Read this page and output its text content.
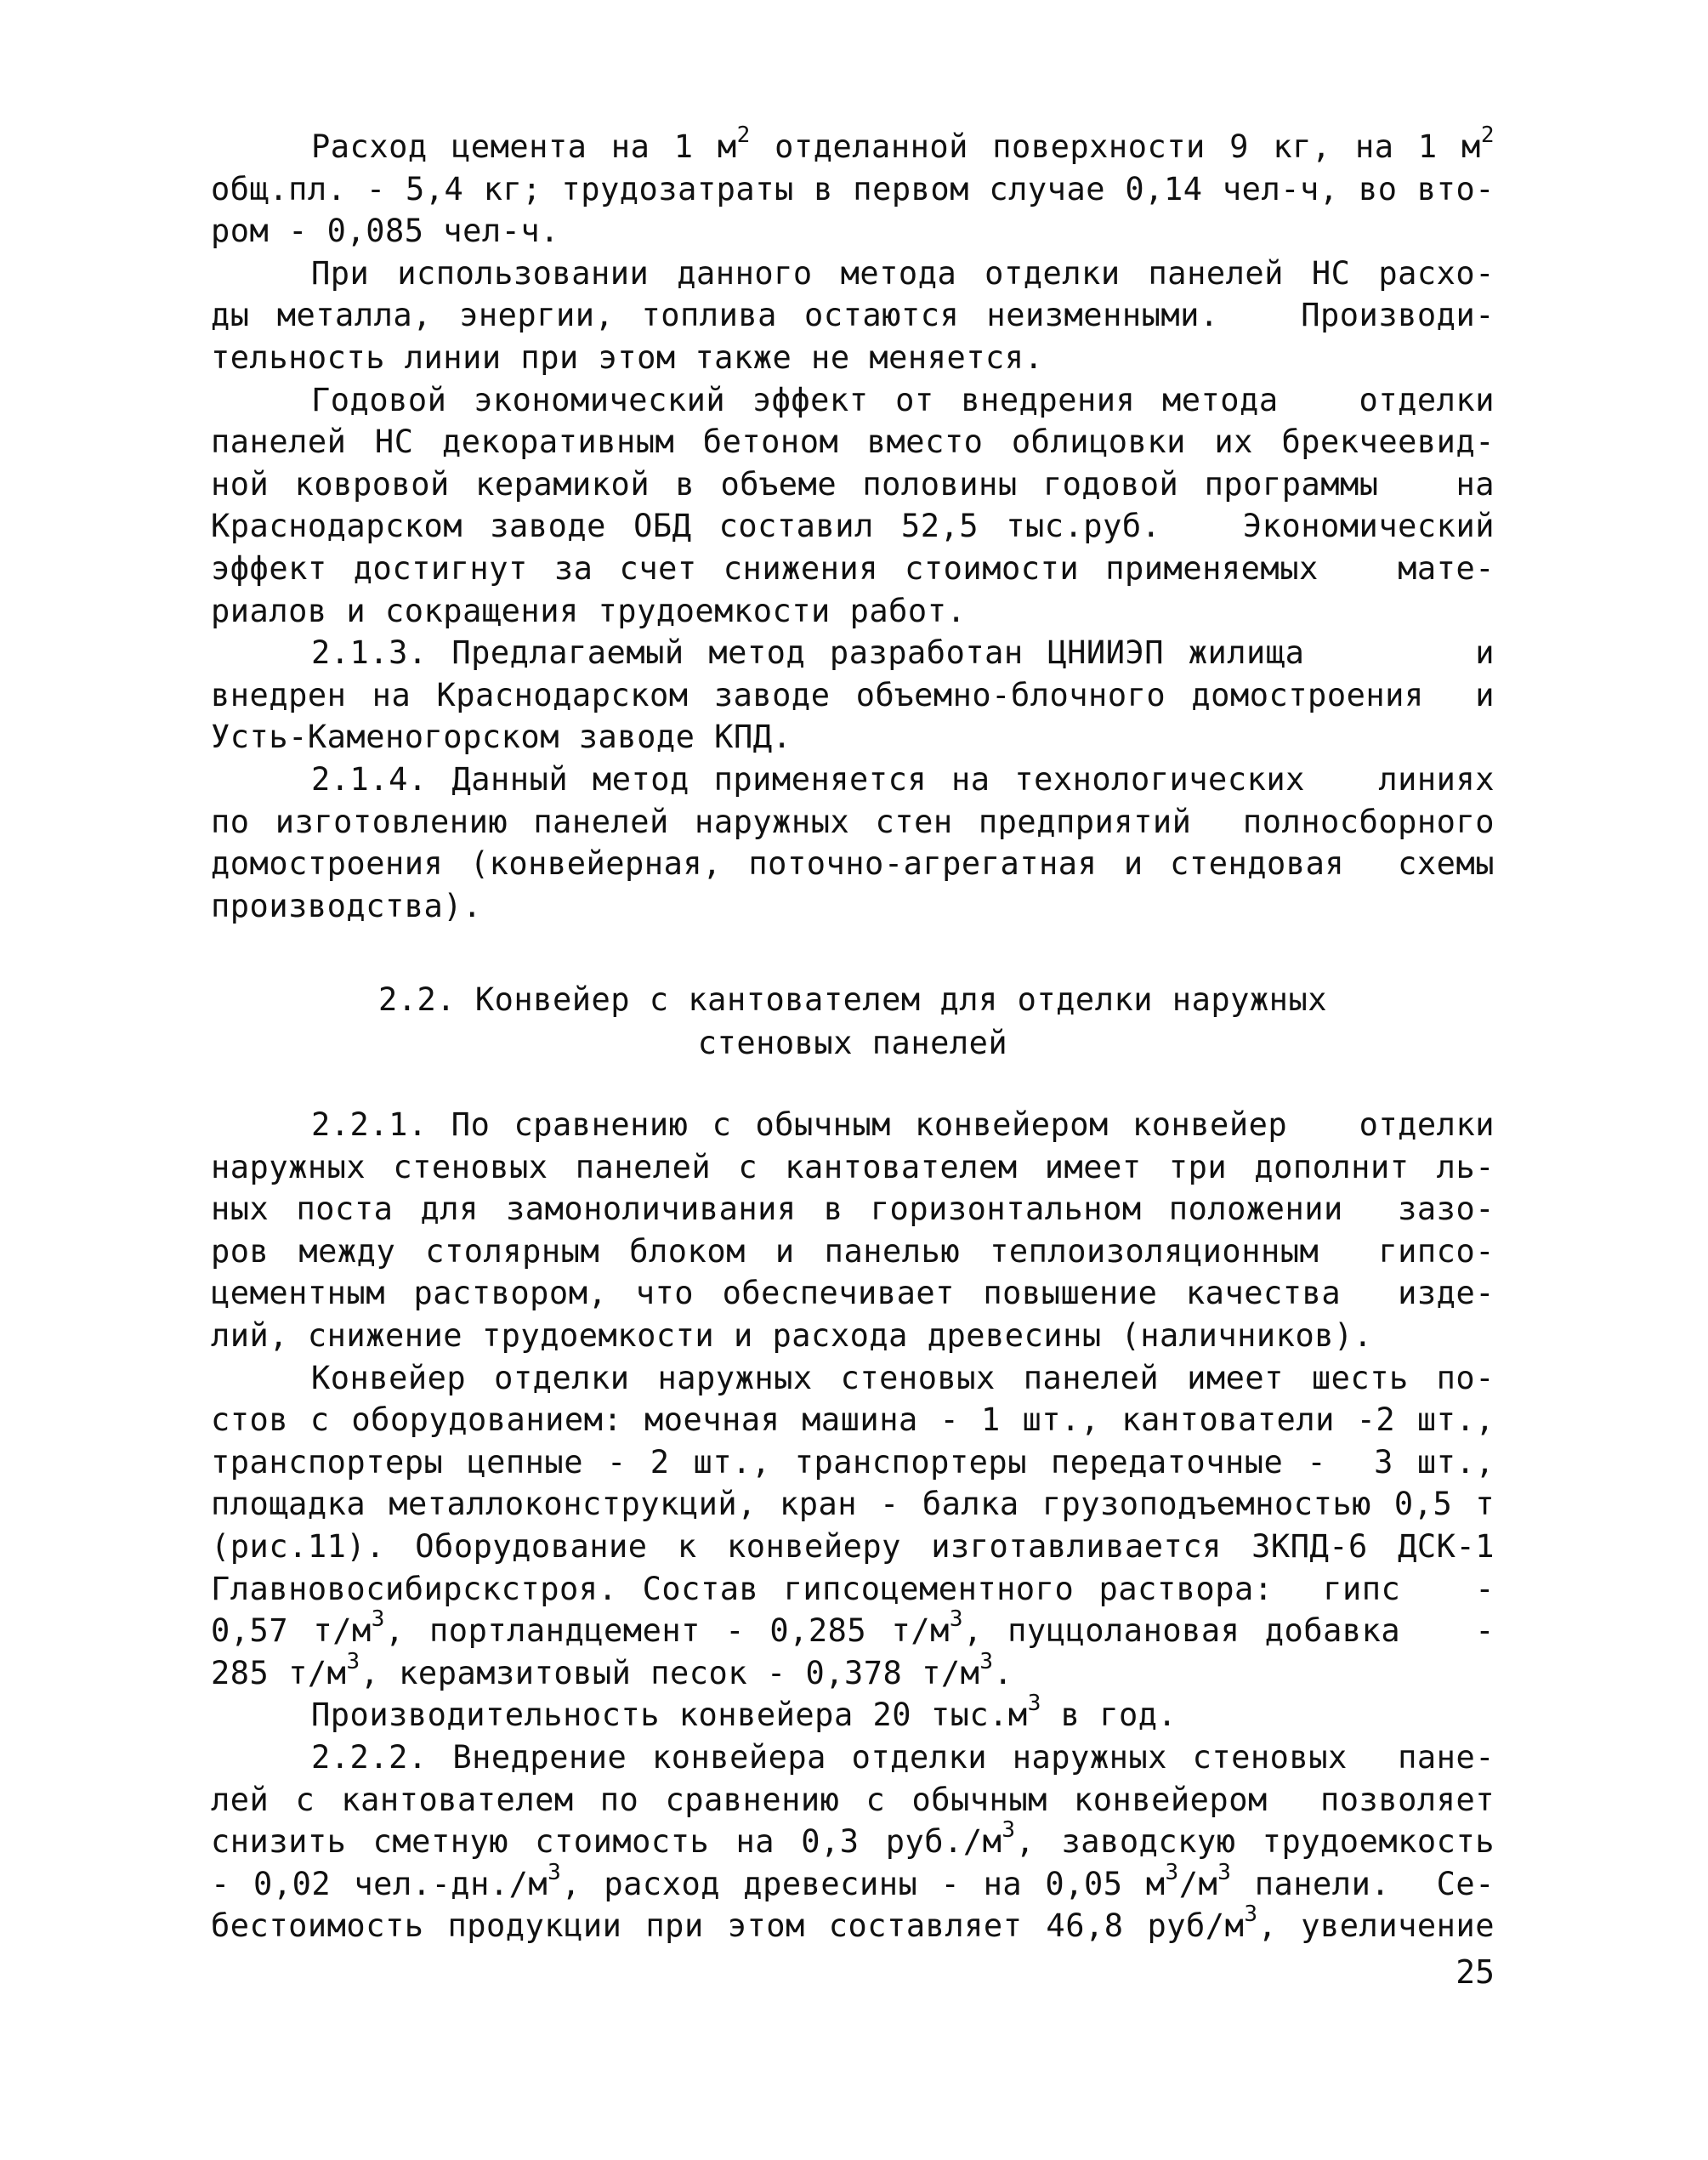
Расход цемента на 1 $м^2$ отделанной поверхности 9 кг, на 1 $м^2$
общ.пл. - 5,4 кг; трудозатраты в первом случае 0,14 чел-ч, во вто-
ром - 0,085 чел-ч.
При использовании данного метода отделки панелей НС расхо-
ды металла, энергии, топлива остаются неизменными.   Производи-
тельность линии при этом также не меняется.
Годовой экономический эффект от внедрения метода   отделки
панелей НС декоративным бетоном вместо облицовки их брекчеевид-
ной ковровой керамикой в объеме половины годовой программы   на
Краснодарском заводе ОБД составил 52,5 тыс.руб.   Экономический
эффект достигнут за счет снижения стоимости применяемых   мате-
риалов и сокращения трудоемкости работ.
2.1.3. Предлагаемый метод разработан ЦНИИЭП жилища       и
внедрен на Краснодарском заводе объемно-блочного домостроения  и
Усть-Каменогорском заводе КПД.
2.1.4. Данный метод применяется на технологических   линиях
по изготовлению панелей наружных стен предприятий  полносборного
домостроения (конвейерная, поточно-агрегатная и стендовая  схемы
производства).
2.2. Конвейер с кантователем для отделки наружных
стеновых панелей
2.2.1. По сравнению с обычным конвейером конвейер   отделки
наружных стеновых панелей с кантователем имеет три дополнит ль-
ных поста для замоноличивания в горизонтальном положении  зазо-
ров между столярным блоком и панелью теплоизоляционным  гипсо-
цементным раствором, что обеспечивает повышение качества  изде-
лий, снижение трудоемкости и расхода древесины (наличников).
Конвейер отделки наружных стеновых панелей имеет шесть по-
стов с оборудованием: моечная машина - 1 шт., кантователи -2 шт.,
транспортеры цепные - 2 шт., транспортеры передаточные -  3 шт.,
площадка металлоконструкций, кран - балка грузоподъемностью 0,5 т
(рис.11). Оборудование к конвейеру изготавливается ЗКПД-6 ДСК-1
Главновосибирскстроя. Состав гипсоцементного раствора:  гипс   -
0,57 $т/м^3$, портландцемент - 0,285 $т/м^3$, пуццолановая добавка   -
285 $т/м^3$, керамзитовый песок - 0,378 $т/м^3$.
Производительность конвейера 20 $тыс.м^3$ в год.
2.2.2. Внедрение конвейера отделки наружных стеновых  пане-
лей с кантователем по сравнению с обычным конвейером  позволяет
снизить сметную стоимость на 0,3 $руб./м^3$, заводскую трудоемкость
- 0,02 $чел.-дн./м^3$, расход древесины - на 0,05 $м^3/м^3$ панели.  Се-
бестоимость продукции при этом составляет 46,8 руб/$м^3$, увеличение
25
